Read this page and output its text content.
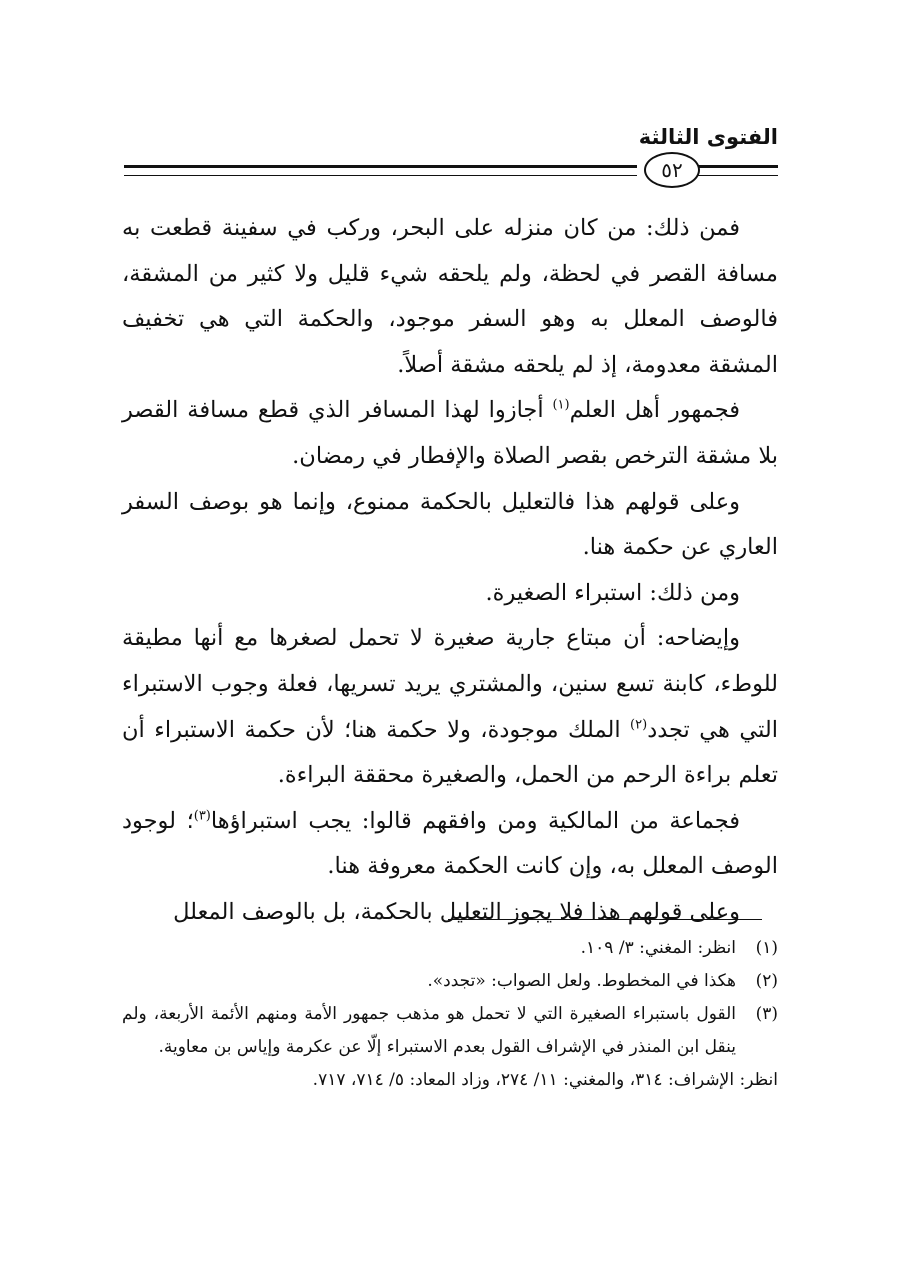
الفتوى الثالثة
٥٢

فمن ذلك: من كان منزله على البحر، وركب في سفينة قطعت به مسافة القصر في لحظة، ولم يلحقه شيء قليل ولا كثير من المشقة، فالوصف المعلل به وهو السفر موجود، والحكمة التي هي تخفيف المشقة معدومة، إذ لم يلحقه مشقة أصلاً.

فجمهور أهل العلم$^{(١)}$ أجازوا لهذا المسافر الذي قطع مسافة القصر بلا مشقة الترخص بقصر الصلاة والإفطار في رمضان.

وعلى قولهم هذا فالتعليل بالحكمة ممنوع، وإنما هو بوصف السفر العاري عن حكمة هنا.

ومن ذلك: استبراء الصغيرة.

وإيضاحه: أن مبتاع جارية صغيرة لا تحمل لصغرها مع أنها مطيقة للوطء، كابنة تسع سنين، والمشتري يريد تسريها، فعلة وجوب الاستبراء التي هي تجدد$^{(٢)}$ الملك موجودة، ولا حكمة هنا؛ لأن حكمة الاستبراء أن تعلم براءة الرحم من الحمل، والصغيرة محققة البراءة.

فجماعة من المالكية ومن وافقهم قالوا: يجب استبراؤها$^{(٣)}$؛ لوجود الوصف المعلل به، وإن كانت الحكمة معروفة هنا.

وعلى قولهم هذا فلا يجوز التعليل بالحكمة، بل بالوصف المعلل

(١)
انظر: المغني: ٣/ ١٠٩.
(٢)
هكذا في المخطوط. ولعل الصواب: «تجدد».
(٣)
القول باستبراء الصغيرة التي لا تحمل هو مذهب جمهور الأمة ومنهم الأئمة الأربعة، ولم ينقل ابن المنذر في الإشراف القول بعدم الاستبراء إلّا عن عكرمة وإياس بن معاوية.
انظر: الإشراف: ٣١٤، والمغني: ١١/ ٢٧٤، وزاد المعاد: ٥/ ٧١٤، ٧١٧.
